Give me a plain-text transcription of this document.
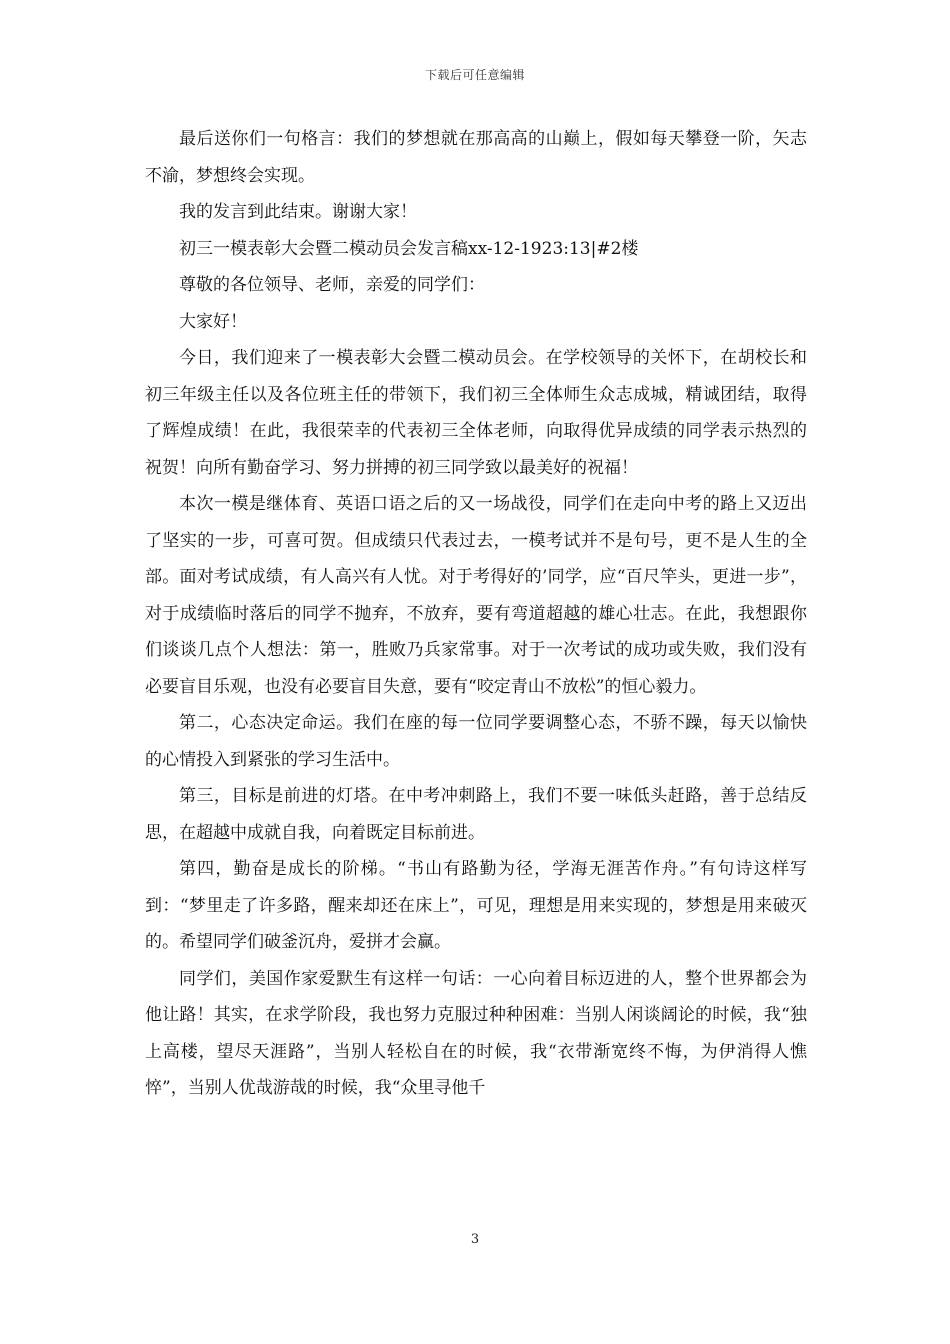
下载后可任意编辑

最后送你们一句格言：我们的梦想就在那高高的山巅上，假如每天攀登一阶，矢志不渝，梦想终会实现。

我的发言到此结束。谢谢大家！

初三一模表彰大会暨二模动员会发言稿xx-12-1923:13|#2楼

尊敬的各位领导、老师，亲爱的同学们：

大家好！

今日，我们迎来了一模表彰大会暨二模动员会。在学校领导的关怀下，在胡校长和初三年级主任以及各位班主任的带领下，我们初三全体师生众志成城，精诚团结，取得了辉煌成绩！在此，我很荣幸的代表初三全体老师，向取得优异成绩的同学表示热烈的祝贺！向所有勤奋学习、努力拼搏的初三同学致以最美好的祝福！

本次一模是继体育、英语口语之后的又一场战役，同学们在走向中考的路上又迈出了坚实的一步，可喜可贺。但成绩只代表过去，一模考试并不是句号，更不是人生的全部。面对考试成绩，有人高兴有人忧。对于考得好的’同学，应“百尺竿头，更进一步”，对于成绩临时落后的同学不抛弃，不放弃，要有弯道超越的雄心壮志。在此，我想跟你们谈谈几点个人想法：第一，胜败乃兵家常事。对于一次考试的成功或失败，我们没有必要盲目乐观，也没有必要盲目失意，要有“咬定青山不放松”的恒心毅力。

第二，心态决定命运。我们在座的每一位同学要调整心态，不骄不躁，每天以愉快的心情投入到紧张的学习生活中。

第三，目标是前进的灯塔。在中考冲刺路上，我们不要一味低头赶路，善于总结反思，在超越中成就自我，向着既定目标前进。

第四，勤奋是成长的阶梯。“书山有路勤为径，学海无涯苦作舟。”有句诗这样写到：“梦里走了许多路，醒来却还在床上”，可见，理想是用来实现的，梦想是用来破灭的。希望同学们破釜沉舟，爱拼才会赢。

同学们，美国作家爱默生有这样一句话：一心向着目标迈进的人，整个世界都会为他让路！其实，在求学阶段，我也努力克服过种种困难：当别人闲谈阔论的时候，我“独上高楼，望尽天涯路”，当别人轻松自在的时候，我“衣带渐宽终不悔，为伊消得人憔悴”，当别人优哉游哉的时候，我“众里寻他千

3
